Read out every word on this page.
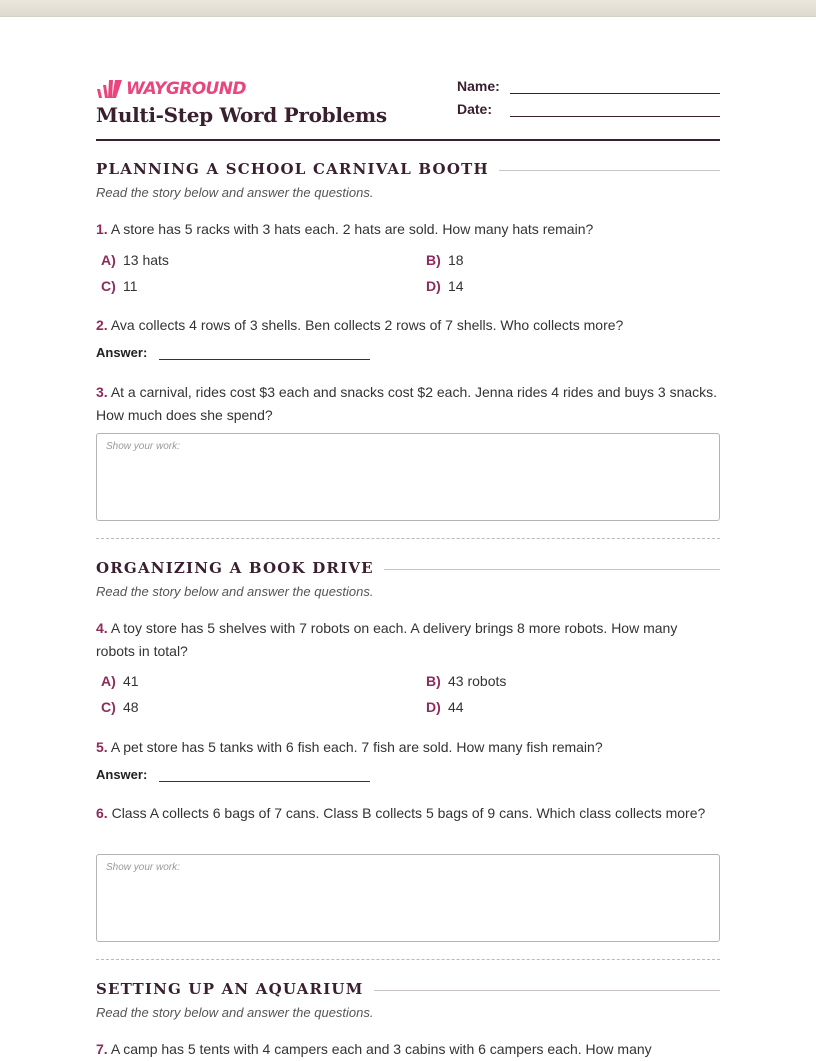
WAYGROUND
Multi-Step Word Problems
Name:
Date:
PLANNING A SCHOOL CARNIVAL BOOTH
Read the story below and answer the questions.
1. A store has 5 racks with 3 hats each. 2 hats are sold. How many hats remain?
A) 13 hats	B) 18
C) 11	D) 14
2. Ava collects 4 rows of 3 shells. Ben collects 2 rows of 7 shells. Who collects more?
Answer:
3. At a carnival, rides cost $3 each and snacks cost $2 each. Jenna rides 4 rides and buys 3 snacks. How much does she spend?
Show your work:
ORGANIZING A BOOK DRIVE
Read the story below and answer the questions.
4. A toy store has 5 shelves with 7 robots on each. A delivery brings 8 more robots. How many robots in total?
A) 41	B) 43 robots
C) 48	D) 44
5. A pet store has 5 tanks with 6 fish each. 7 fish are sold. How many fish remain?
Answer:
6. Class A collects 6 bags of 7 cans. Class B collects 5 bags of 9 cans. Which class collects more?
Show your work:
SETTING UP AN AQUARIUM
Read the story below and answer the questions.
7. A camp has 5 tents with 4 campers each and 3 cabins with 6 campers each. How many
